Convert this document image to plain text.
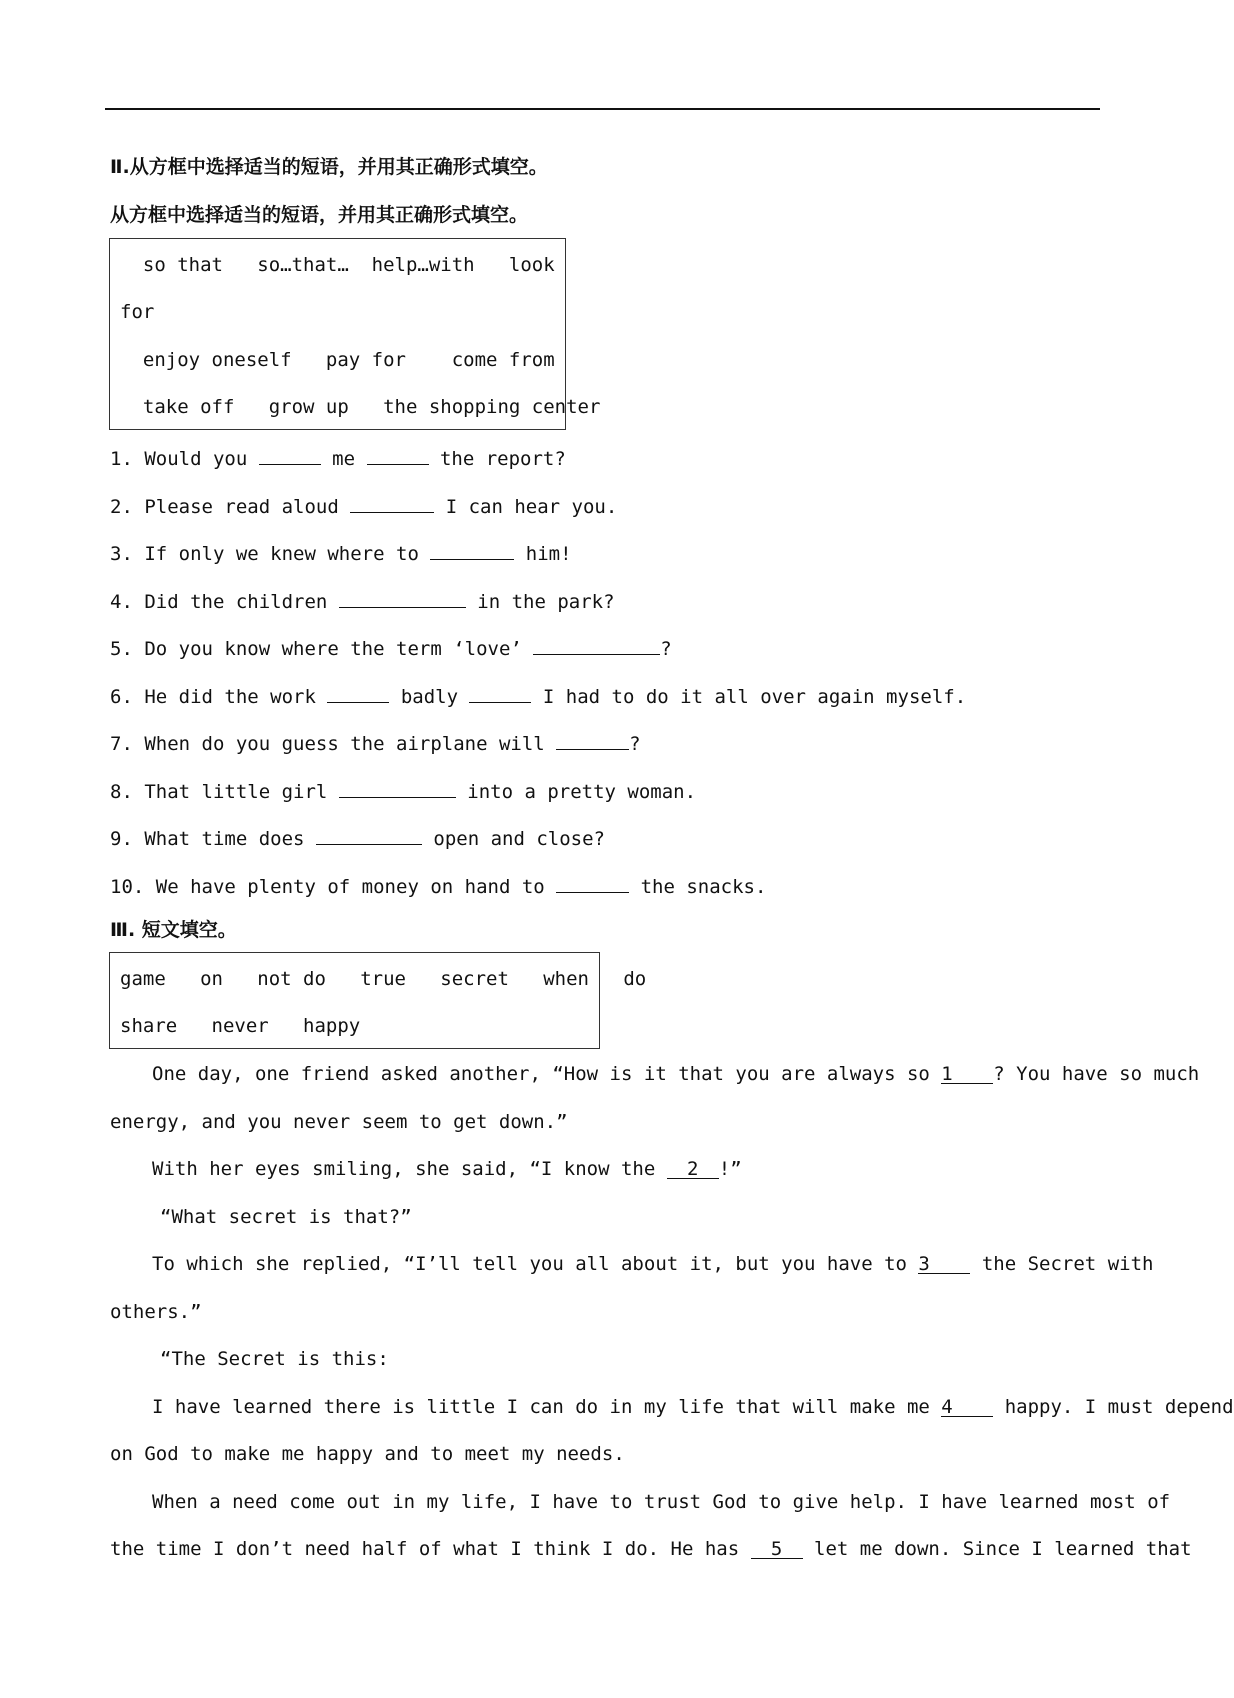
Ⅱ.从方框中选择适当的短语，并用其正确形式填空。
从方框中选择适当的短语，并用其正确形式填空。
so that   so…that…  help…with   look
for
enjoy oneself   pay for    come from
take off   grow up   the shopping center
1. Would you	me	the report?
2. Please read aloud	I can hear you.
3. If only we knew where to	him!
4. Did the children	in the park?
5. Do you know where the term ‘love’	?
6. He did the work	badly	I had to do it all over again myself.
7. When do you guess the airplane will	?
8. That little girl	into a pretty woman.
9. What time does	open and close?
10. We have plenty of money on hand to	the snacks.
Ⅲ. 短文填空。
game   on   not do   true   secret   when   do
share   never   happy
One day, one friend asked another, “How is it that you are always so 1 ? You have so much
energy, and you never seem to get down.”
With her eyes smiling, she said, “I know the 2 !”
“What secret is that?”
To which she replied, “I’ll tell you all about it, but you have to 3 the Secret with
others.”
“The Secret is this:
I have learned there is little I can do in my life that will make me 4 happy. I must depend
on God to make me happy and to meet my needs.
When a need come out in my life, I have to trust God to give help. I have learned most of
the time I don’t need half of what I think I do. He has 5 let me down. Since I learned that
